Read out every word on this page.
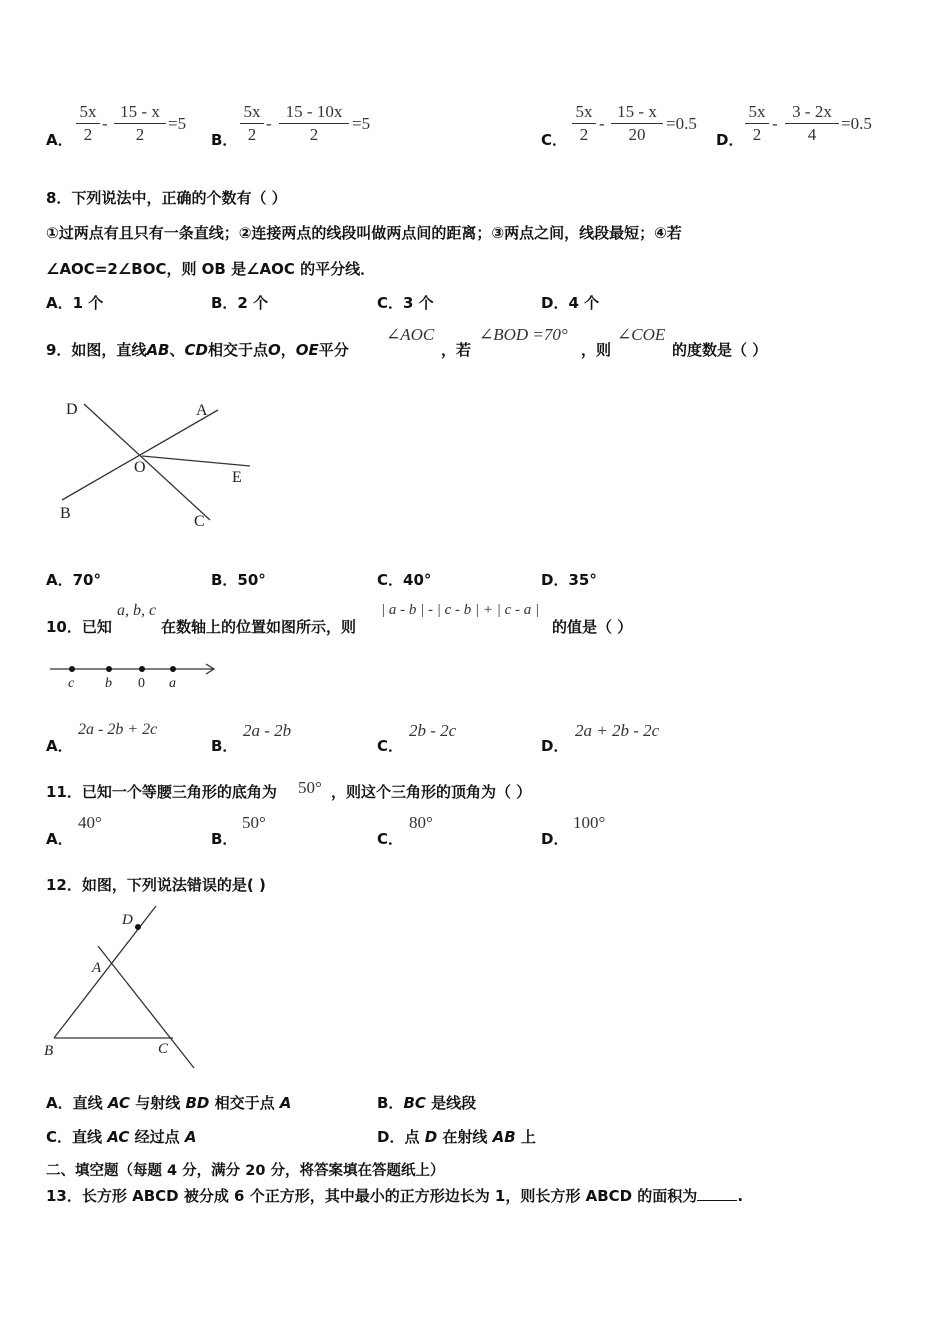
A．
5x
2
-
15 - x
2
=5
B．
5x
2
-
15 - 10x
2
=5
C．
5x
2
-
15 - x
20
=0.5
D．
5x
2
-
3 - 2x
4
=0.5
8．下列说法中，正确的个数有（ ）
①过两点有且只有一条直线；②连接两点的线段叫做两点间的距离；③两点之间，线段最短；④若
∠AOC=2∠BOC，则 OB 是∠AOC 的平分线．
A．1 个	B．2 个	C．3 个	D．4 个
9．如图，直线AB、CD相交于点O，OE平分
∠AOC
，若
∠BOD =70°
，则
∠COE
的度数是（ ）
D	A
O
E
B	C
A．70°	B．50°	C．40°	D．35°
10．已知
a, b, c
在数轴上的位置如图所示，则
| a - b | - | c - b | + | c - a |
的值是（ ）
c b 0 a
A．
2a - 2b + 2c
B．
2a - 2b
C．
2b - 2c
D．
2a + 2b - 2c
11．已知一个等腰三角形的底角为 50° ，则这个三角形的顶角为（ ）
A．
40°
B．
50°
C．
80°
D．
100°
12．如图，下列说法错误的是( )
D
A
B	C
A．直线 AC 与射线 BD 相交于点 A	B．BC 是线段
C．直线 AC 经过点 A	D．点 D 在射线 AB 上
二、填空题（每题 4 分，满分 20 分，将答案填在答题纸上）
13．长方形 ABCD 被分成 6 个正方形，其中最小的正方形边长为 1，则长方形 ABCD 的面积为	.
